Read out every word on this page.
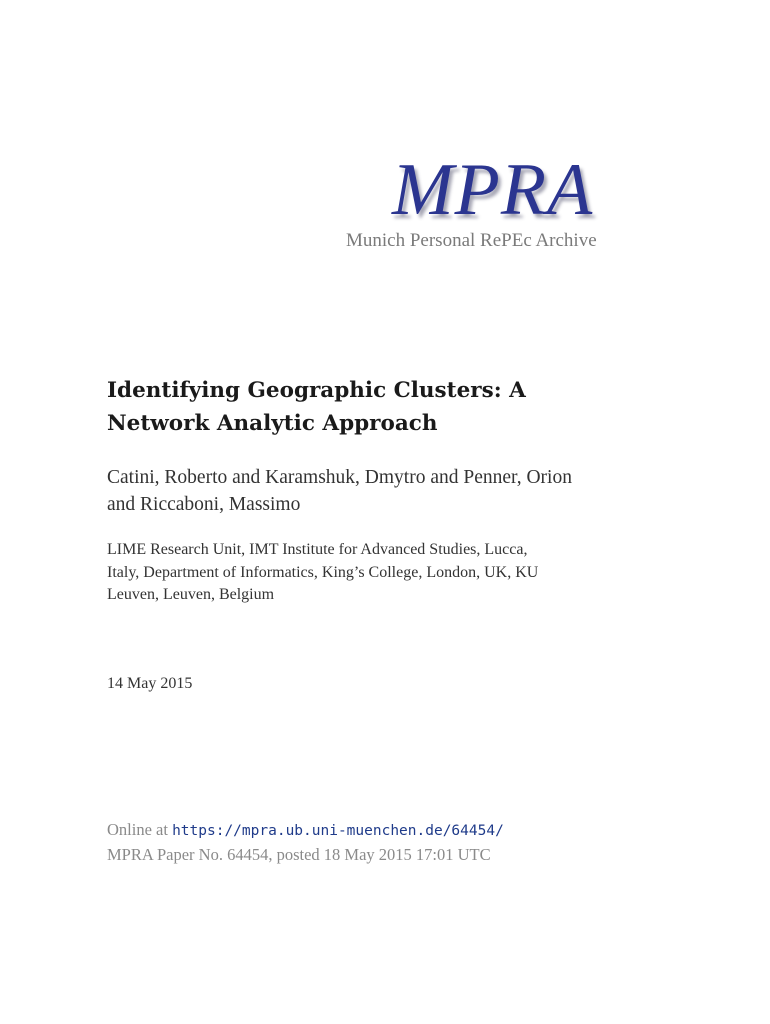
MPRA
Munich Personal RePEc Archive
Identifying Geographic Clusters: A
Network Analytic Approach
Catini, Roberto and Karamshuk, Dmytro and Penner, Orion
and Riccaboni, Massimo
LIME Research Unit, IMT Institute for Advanced Studies, Lucca,
Italy, Department of Informatics, King’s College, London, UK, KU
Leuven, Leuven, Belgium
14 May 2015
Online at https://mpra.ub.uni-muenchen.de/64454/
MPRA Paper No. 64454, posted 18 May 2015 17:01 UTC
